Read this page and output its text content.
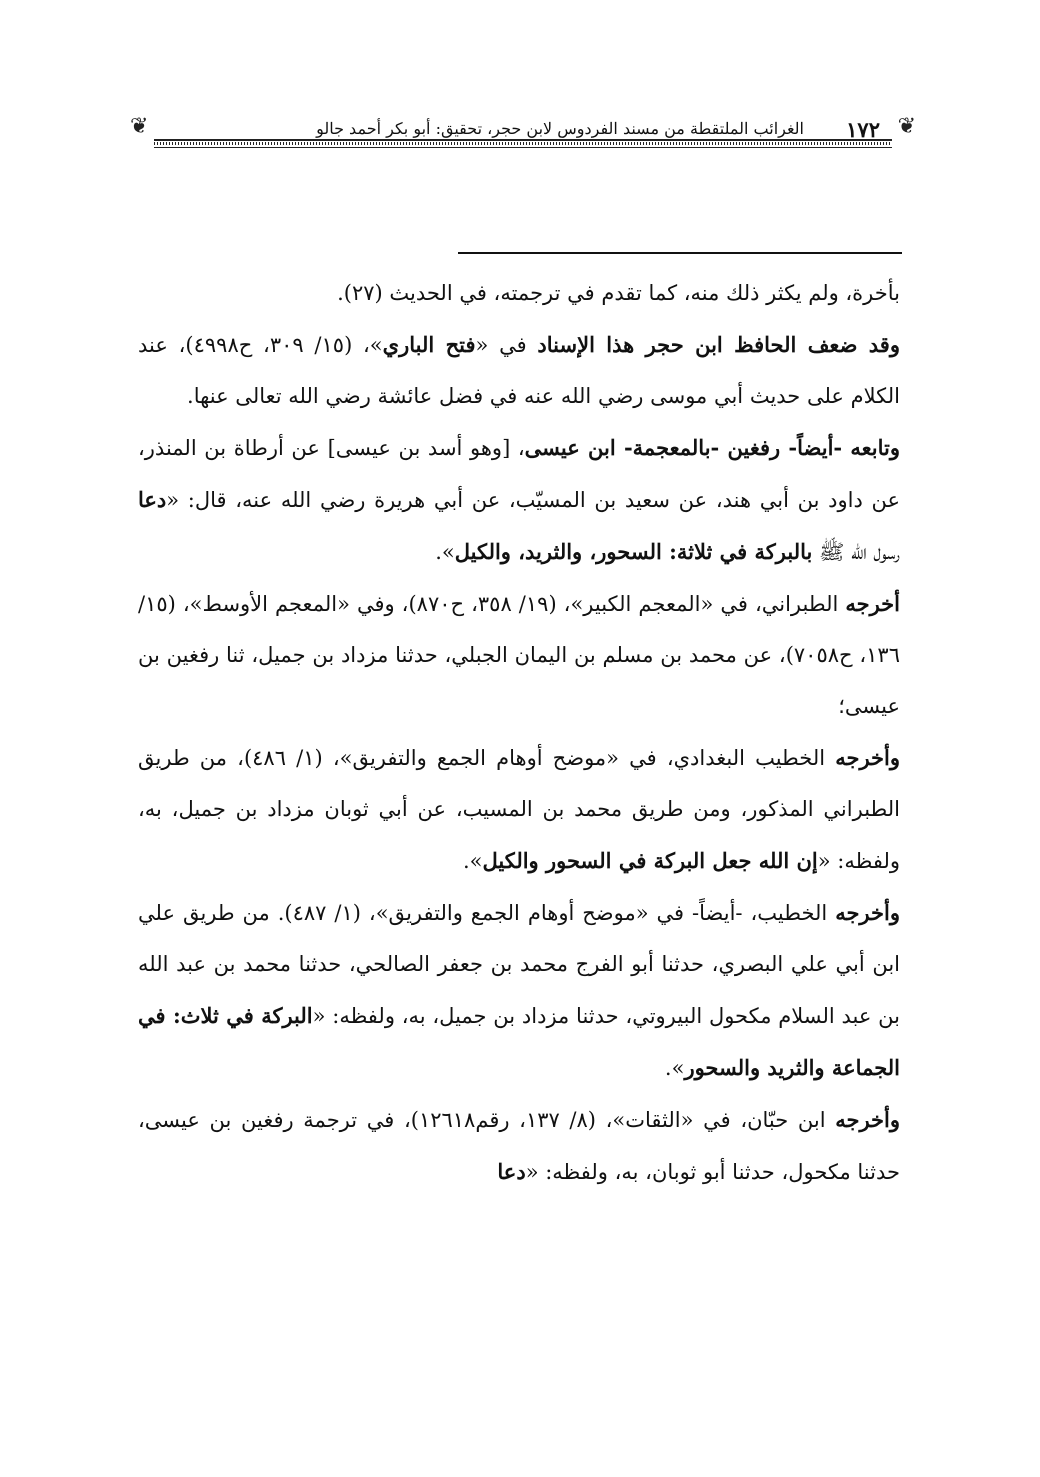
❦
١٧٢
الغرائب الملتقطة من مسند الفردوس لابن حجر، تحقيق: أبو بكر أحمد جالو
❦

بأخرة، ولم يكثر ذلك منه، كما تقدم في ترجمته، في الحديث (٢٧).

وقد ضعف الحافظ ابن حجر هذا الإسناد في «فتح الباري»، (١٥/ ٣٠٩، ح٤٩٩٨)، عند الكلام على حديث أبي موسى رضي الله عنه في فضل عائشة رضي الله تعالى عنها.

وتابعه -أيضاً- رفغين -بالمعجمة- ابن عيسى، [وهو أسد بن عيسى] عن أرطاة بن المنذر، عن داود بن أبي هند، عن سعيد بن المسيّب، عن أبي هريرة رضي الله عنه، قال: «دعا رسول الله ﷺ بالبركة في ثلاثة: السحور، والثريد، والكيل».

أخرجه الطبراني، في «المعجم الكبير»، (١٩/ ٣٥٨، ح٨٧٠)، وفي «المعجم الأوسط»، (١٥/ ١٣٦، ح٧٠٥٨)، عن محمد بن مسلم بن اليمان الجبلي، حدثنا مزداد بن جميل، ثنا رفغين بن عيسى؛

وأخرجه الخطيب البغدادي، في «موضح أوهام الجمع والتفريق»، (١/ ٤٨٦)، من طريق الطبراني المذكور، ومن طريق محمد بن المسيب، عن أبي ثوبان مزداد بن جميل، به، ولفظه: «إن الله جعل البركة في السحور والكيل».

وأخرجه الخطيب، -أيضاً- في «موضح أوهام الجمع والتفريق»، (١/ ٤٨٧). من طريق علي ابن أبي علي البصري، حدثنا أبو الفرج محمد بن جعفر الصالحي، حدثنا محمد بن عبد الله بن عبد السلام مكحول البيروتي، حدثنا مزداد بن جميل، به، ولفظه: «البركة في ثلاث: في الجماعة والثريد والسحور».

وأخرجه ابن حبّان، في «الثقات»، (٨/ ١٣٧، رقم١٢٦١٨)، في ترجمة رفغين بن عيسى، حدثنا مكحول، حدثنا أبو ثوبان، به، ولفظه: «دعا
